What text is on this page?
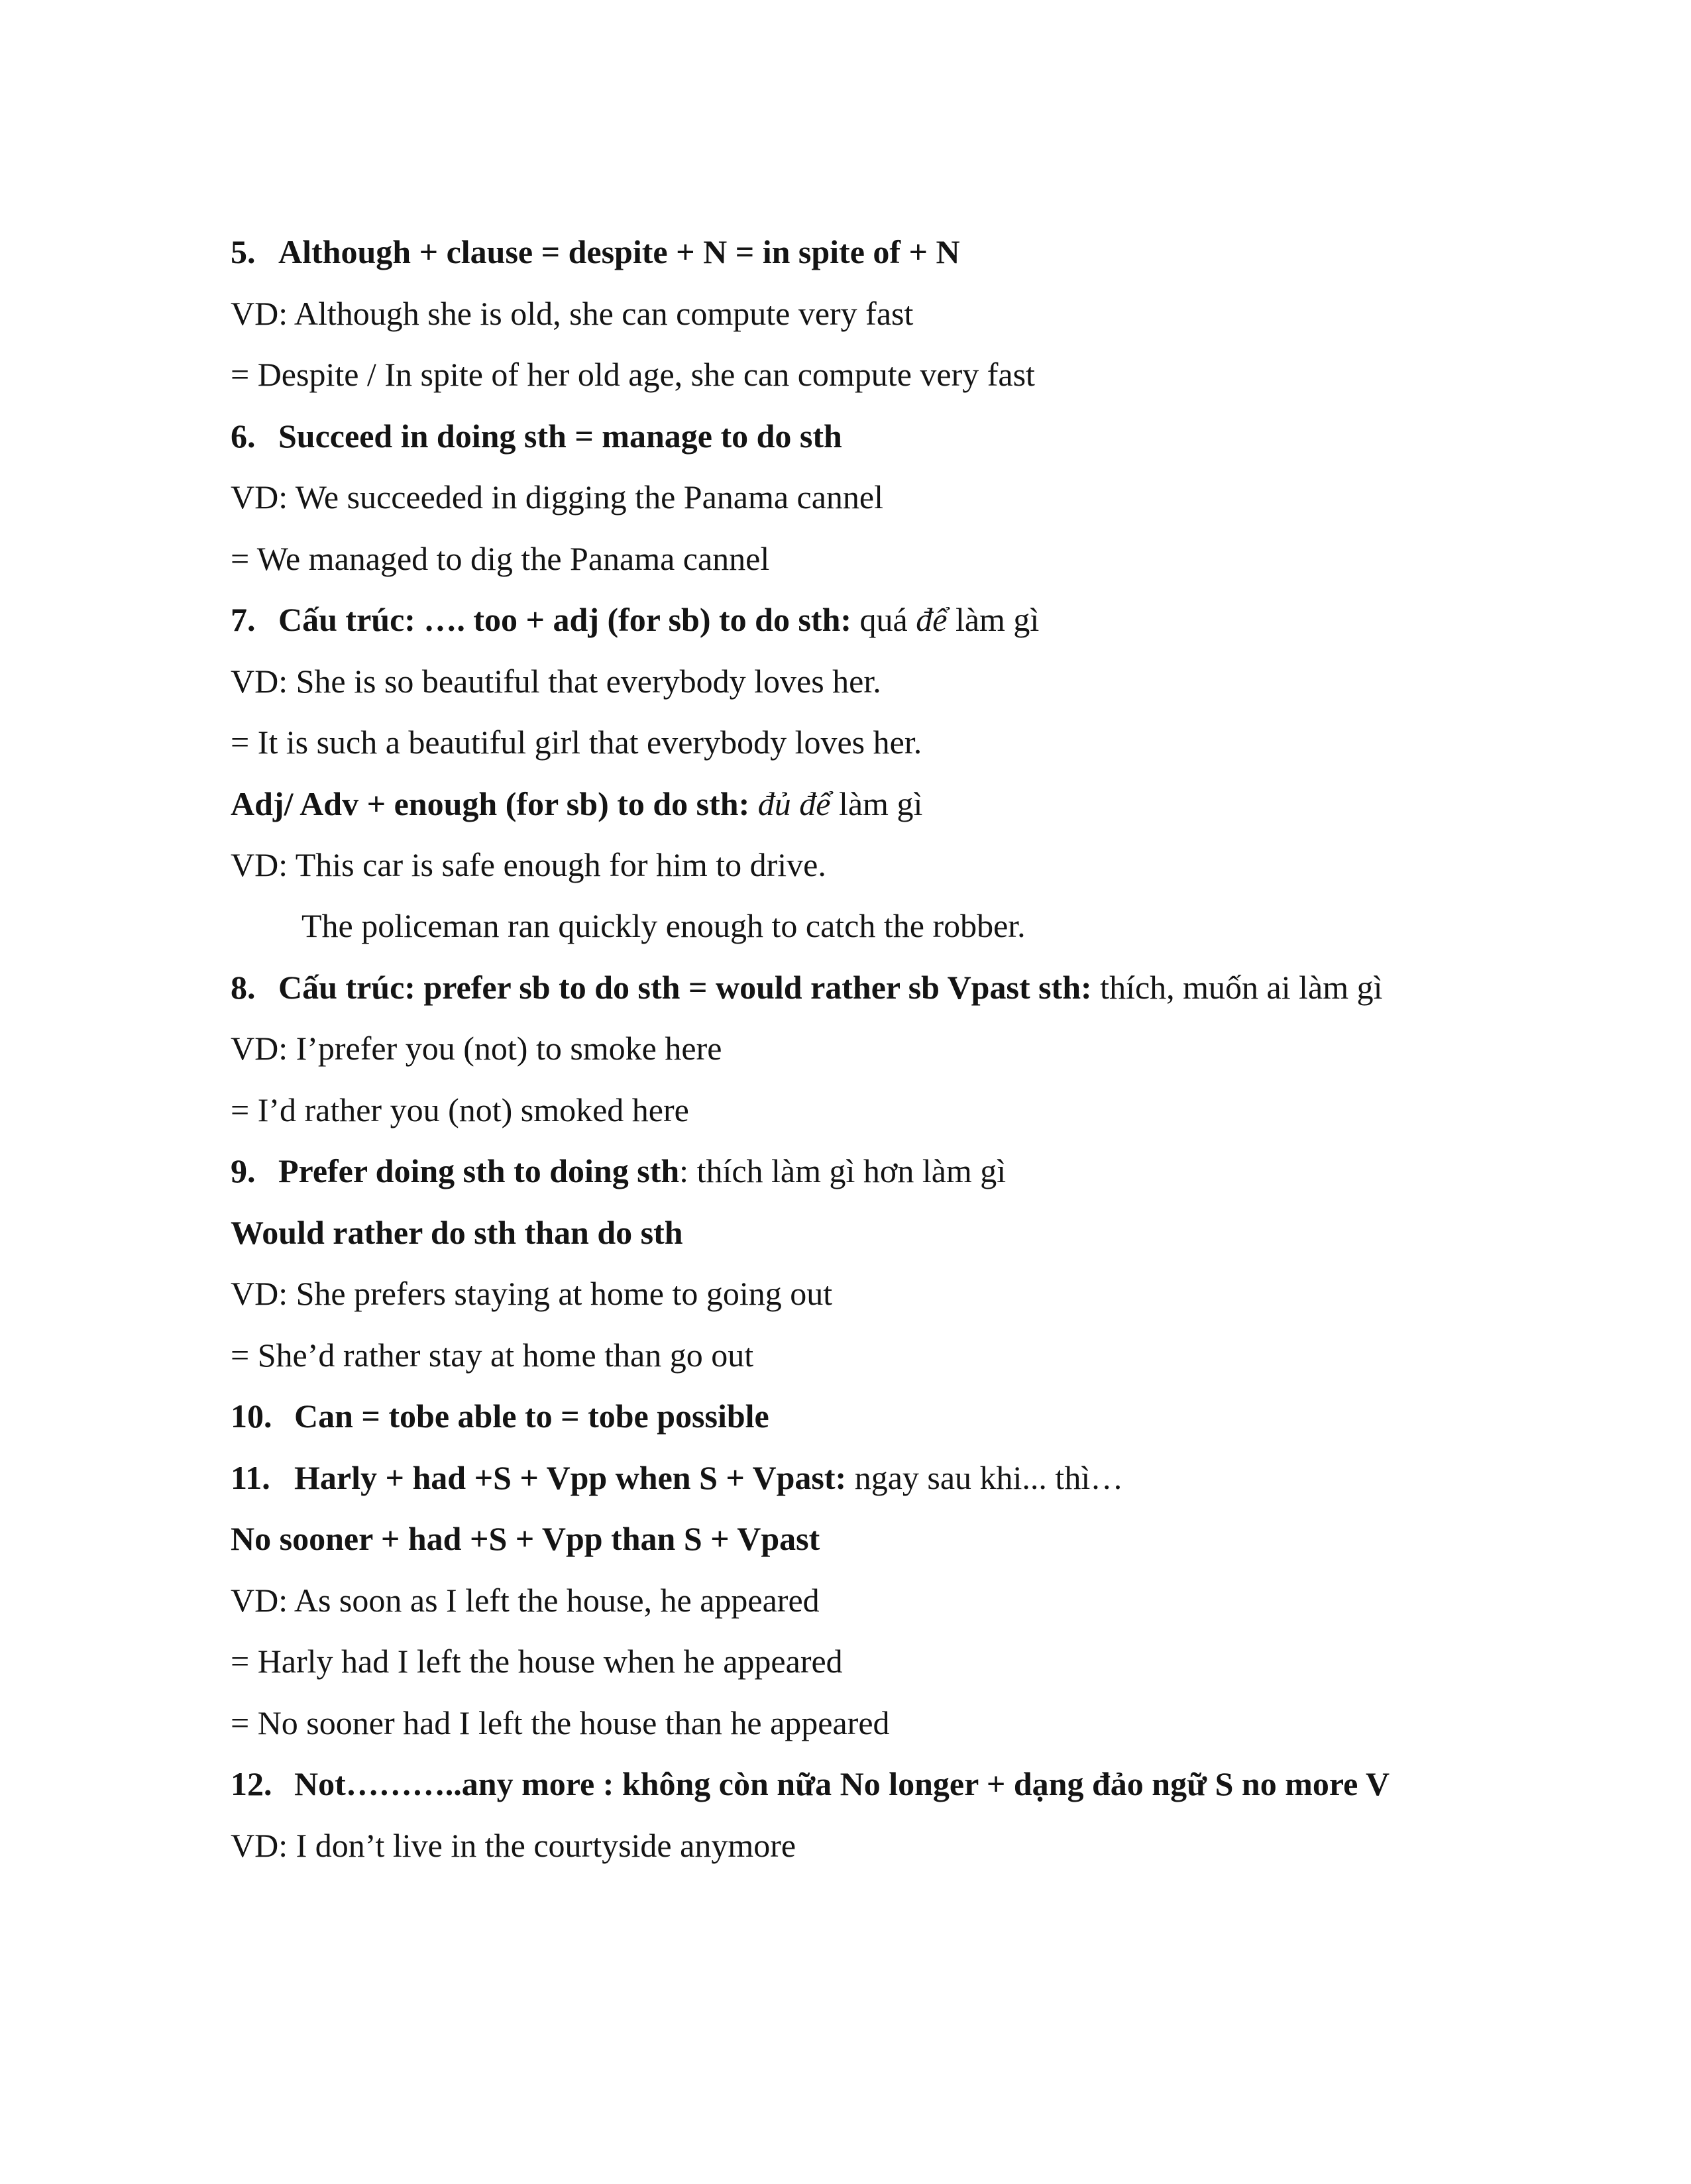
5. Although + clause = despite + N = in spite of + N
VD: Although she is old, she can compute very fast
= Despite / In spite of her old age, she can compute very fast
6. Succeed in doing sth = manage to do sth
VD: We succeeded in digging the Panama cannel
= We managed to dig the Panama cannel
7. Cấu trúc: …. too + adj (for sb) to do sth: quá để làm gì
VD: She is so beautiful that everybody loves her.
= It is such a beautiful girl that everybody loves her.
Adj/ Adv + enough (for sb) to do sth: đủ để làm gì
VD: This car is safe enough for him to drive.
The policeman ran quickly enough to catch the robber.
8. Cấu trúc: prefer sb to do sth = would rather sb Vpast sth: thích, muốn ai làm gì
VD: I’prefer you (not) to smoke here
= I’d rather you (not) smoked here
9. Prefer doing sth to doing sth: thích làm gì hơn làm gì
Would rather do sth than do sth
VD: She prefers staying at home to going out
= She’d rather stay at home than go out
10. Can = tobe able to = tobe possible
11. Harly + had +S + Vpp when S + Vpast: ngay sau khi... thì…
No sooner + had +S + Vpp than S + Vpast
VD: As soon as I left the house, he appeared
= Harly had I left the house when he appeared
= No sooner had I left the house than he appeared
12. Not………..any more : không còn nữa No longer + dạng đảo ngữ S no more V
VD: I don’t live in the courtyside anymore
